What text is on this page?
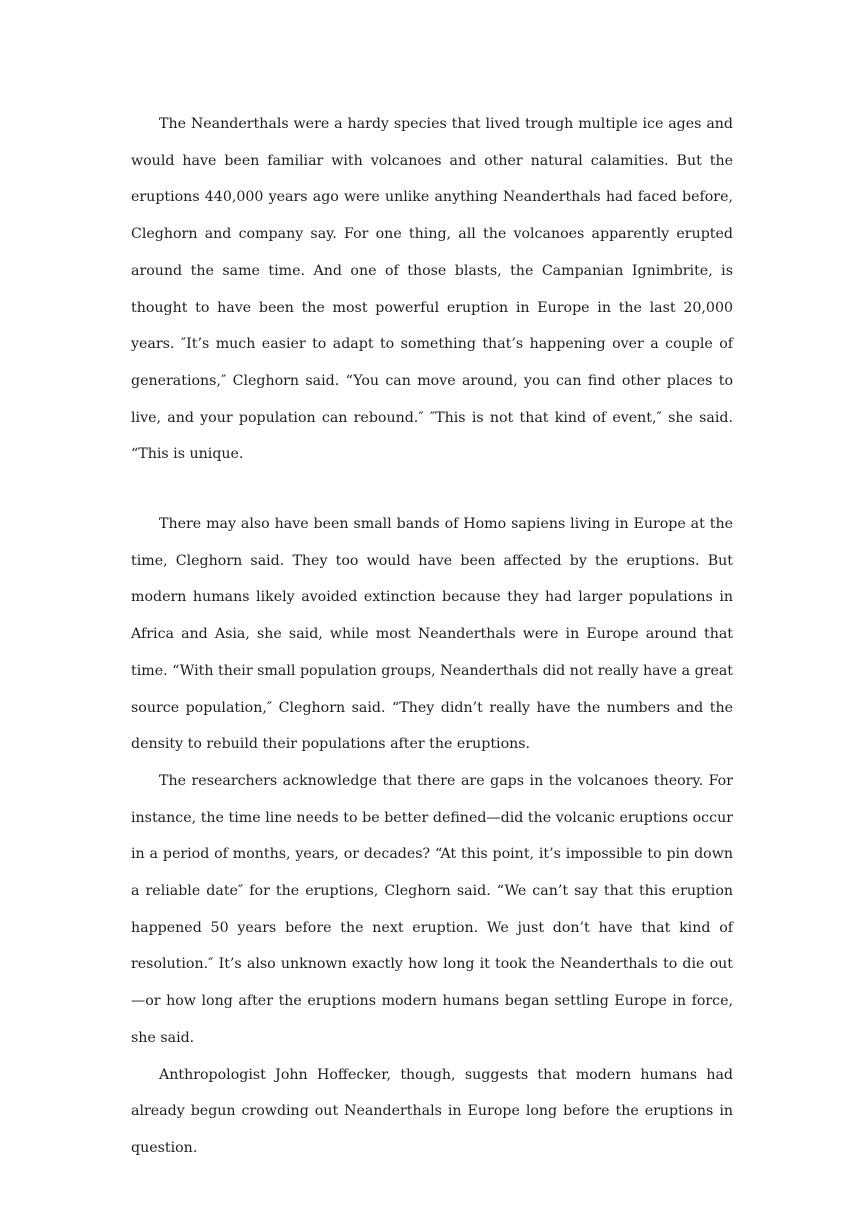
The Neanderthals were a hardy species that lived trough multiple ice ages and would have been familiar with volcanoes and other natural calamities. But the eruptions 440,000 years ago were unlike anything Neanderthals had faced before, Cleghorn and company say. For one thing, all the volcanoes apparently erupted around the same time. And one of those blasts, the Campanian Ignimbrite, is thought to have been the most powerful eruption in Europe in the last 20,000 years. ″It’s much easier to adapt to something that’s happening over a couple of generations,″ Cleghorn said. “You can move around, you can find other places to live, and your population can rebound.″ ″This is not that kind of event,″ she said. “This is unique.

There may also have been small bands of Homo sapiens living in Europe at the time, Cleghorn said. They too would have been affected by the eruptions. But modern humans likely avoided extinction because they had larger populations in Africa and Asia, she said, while most Neanderthals were in Europe around that time. “With their small population groups, Neanderthals did not really have a great source population,″ Cleghorn said. “They didn’t really have the numbers and the density to rebuild their populations after the eruptions.

The researchers acknowledge that there are gaps in the volcanoes theory. For instance, the time line needs to be better defined—did the volcanic eruptions occur in a period of months, years, or decades? “At this point, it’s impossible to pin down a reliable date″ for the eruptions, Cleghorn said. “We can’t say that this eruption happened 50 years before the next eruption. We just don’t have that kind of resolution.″ It’s also unknown exactly how long it took the Neanderthals to die out—or how long after the eruptions modern humans began settling Europe in force, she said.

Anthropologist John Hoffecker, though, suggests that modern humans had already begun crowding out Neanderthals in Europe long before the eruptions in question.
